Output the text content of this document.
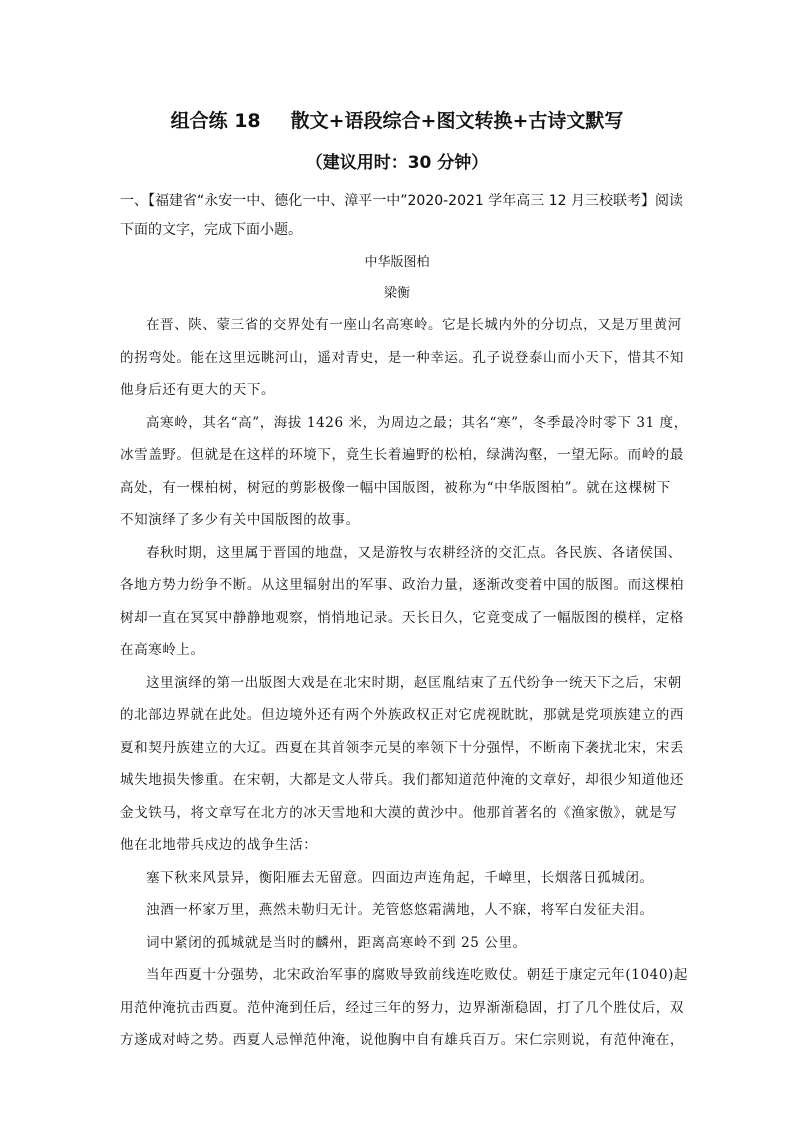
组合练 18 散文+语段综合+图文转换+古诗文默写
（建议用时：30 分钟）
一、【福建省“永安一中、德化一中、漳平一中”2020-2021 学年高三 12 月三校联考】阅读
下面的文字，完成下面小题。
中华版图柏
梁衡
在晋、陕、蒙三省的交界处有一座山名高寒岭。它是长城内外的分切点，又是万里黄河
的拐弯处。能在这里远眺河山，遥对青史，是一种幸运。孔子说登泰山而小天下，惜其不知
他身后还有更大的天下。
高寒岭，其名“高”，海拔 1426 米，为周边之最；其名“寒”，冬季最冷时零下 31 度，
冰雪盖野。但就是在这样的环境下，竟生长着遍野的松柏，绿满沟壑，一望无际。而岭的最
高处，有一棵柏树，树冠的剪影极像一幅中国版图，被称为“中华版图柏”。就在这棵树下
不知演绎了多少有关中国版图的故事。
春秋时期，这里属于晋国的地盘，又是游牧与农耕经济的交汇点。各民族、各诸侯国、
各地方势力纷争不断。从这里辐射出的军事、政治力量，逐渐改变着中国的版图。而这棵柏
树却一直在冥冥中静静地观察，悄悄地记录。天长日久，它竟变成了一幅版图的模样，定格
在高寒岭上。
这里演绎的第一出版图大戏是在北宋时期，赵匡胤结束了五代纷争一统天下之后，宋朝
的北部边界就在此处。但边境外还有两个外族政权正对它虎视眈眈，那就是党项族建立的西
夏和契丹族建立的大辽。西夏在其首领李元昊的率领下十分强悍，不断南下袭扰北宋，宋丢
城失地损失惨重。在宋朝，大都是文人带兵。我们都知道范仲淹的文章好，却很少知道他还
金戈铁马，将文章写在北方的冰天雪地和大漠的黄沙中。他那首著名的《渔家傲》，就是写
他在北地带兵戍边的战争生活：
塞下秋来风景异，衡阳雁去无留意。四面边声连角起，千嶂里，长烟落日孤城闭。
浊酒一杯家万里，燕然未勒归无计。羌管悠悠霜满地，人不寐，将军白发征夫泪。
词中紧闭的孤城就是当时的麟州，距离高寒岭不到 25 公里。
当年西夏十分强势，北宋政治军事的腐败导致前线连吃败仗。朝廷于康定元年(1040)起
用范仲淹抗击西夏。范仲淹到任后，经过三年的努力，边界渐渐稳固，打了几个胜仗后，双
方遂成对峙之势。西夏人忌惮范仲淹，说他胸中自有雄兵百万。宋仁宗则说，有范仲淹在，
